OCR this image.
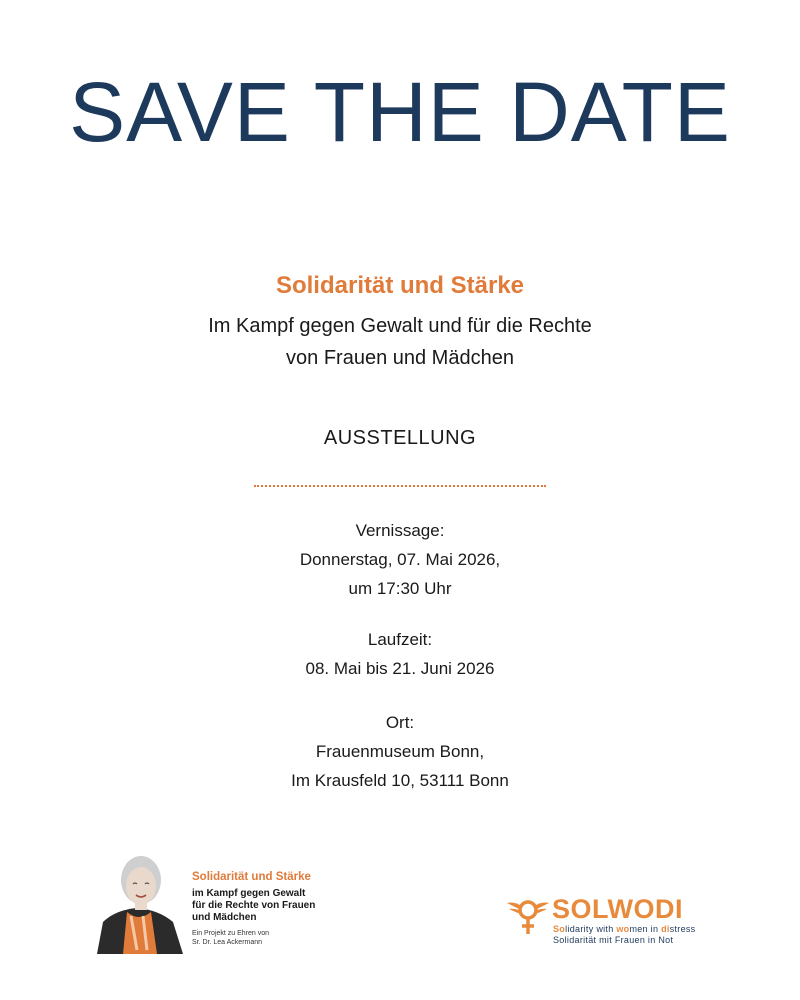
SAVE THE DATE
Solidarität und Stärke
Im Kampf gegen Gewalt und für die Rechte
von Frauen und Mädchen
AUSSTELLUNG
Vernissage:
Donnerstag, 07. Mai 2026,
um 17:30 Uhr
Laufzeit:
08. Mai bis 21. Juni 2026
Ort:
Frauenmuseum Bonn,
Im Krausfeld 10, 53111 Bonn
Solidarität und Stärke
im Kampf gegen Gewalt
für die Rechte von Frauen
und Mädchen
Ein Projekt zu Ehren von
Sr. Dr. Lea Ackermann
SOLWODI
Solidarity with women in distress
Solidarität mit Frauen in Not
